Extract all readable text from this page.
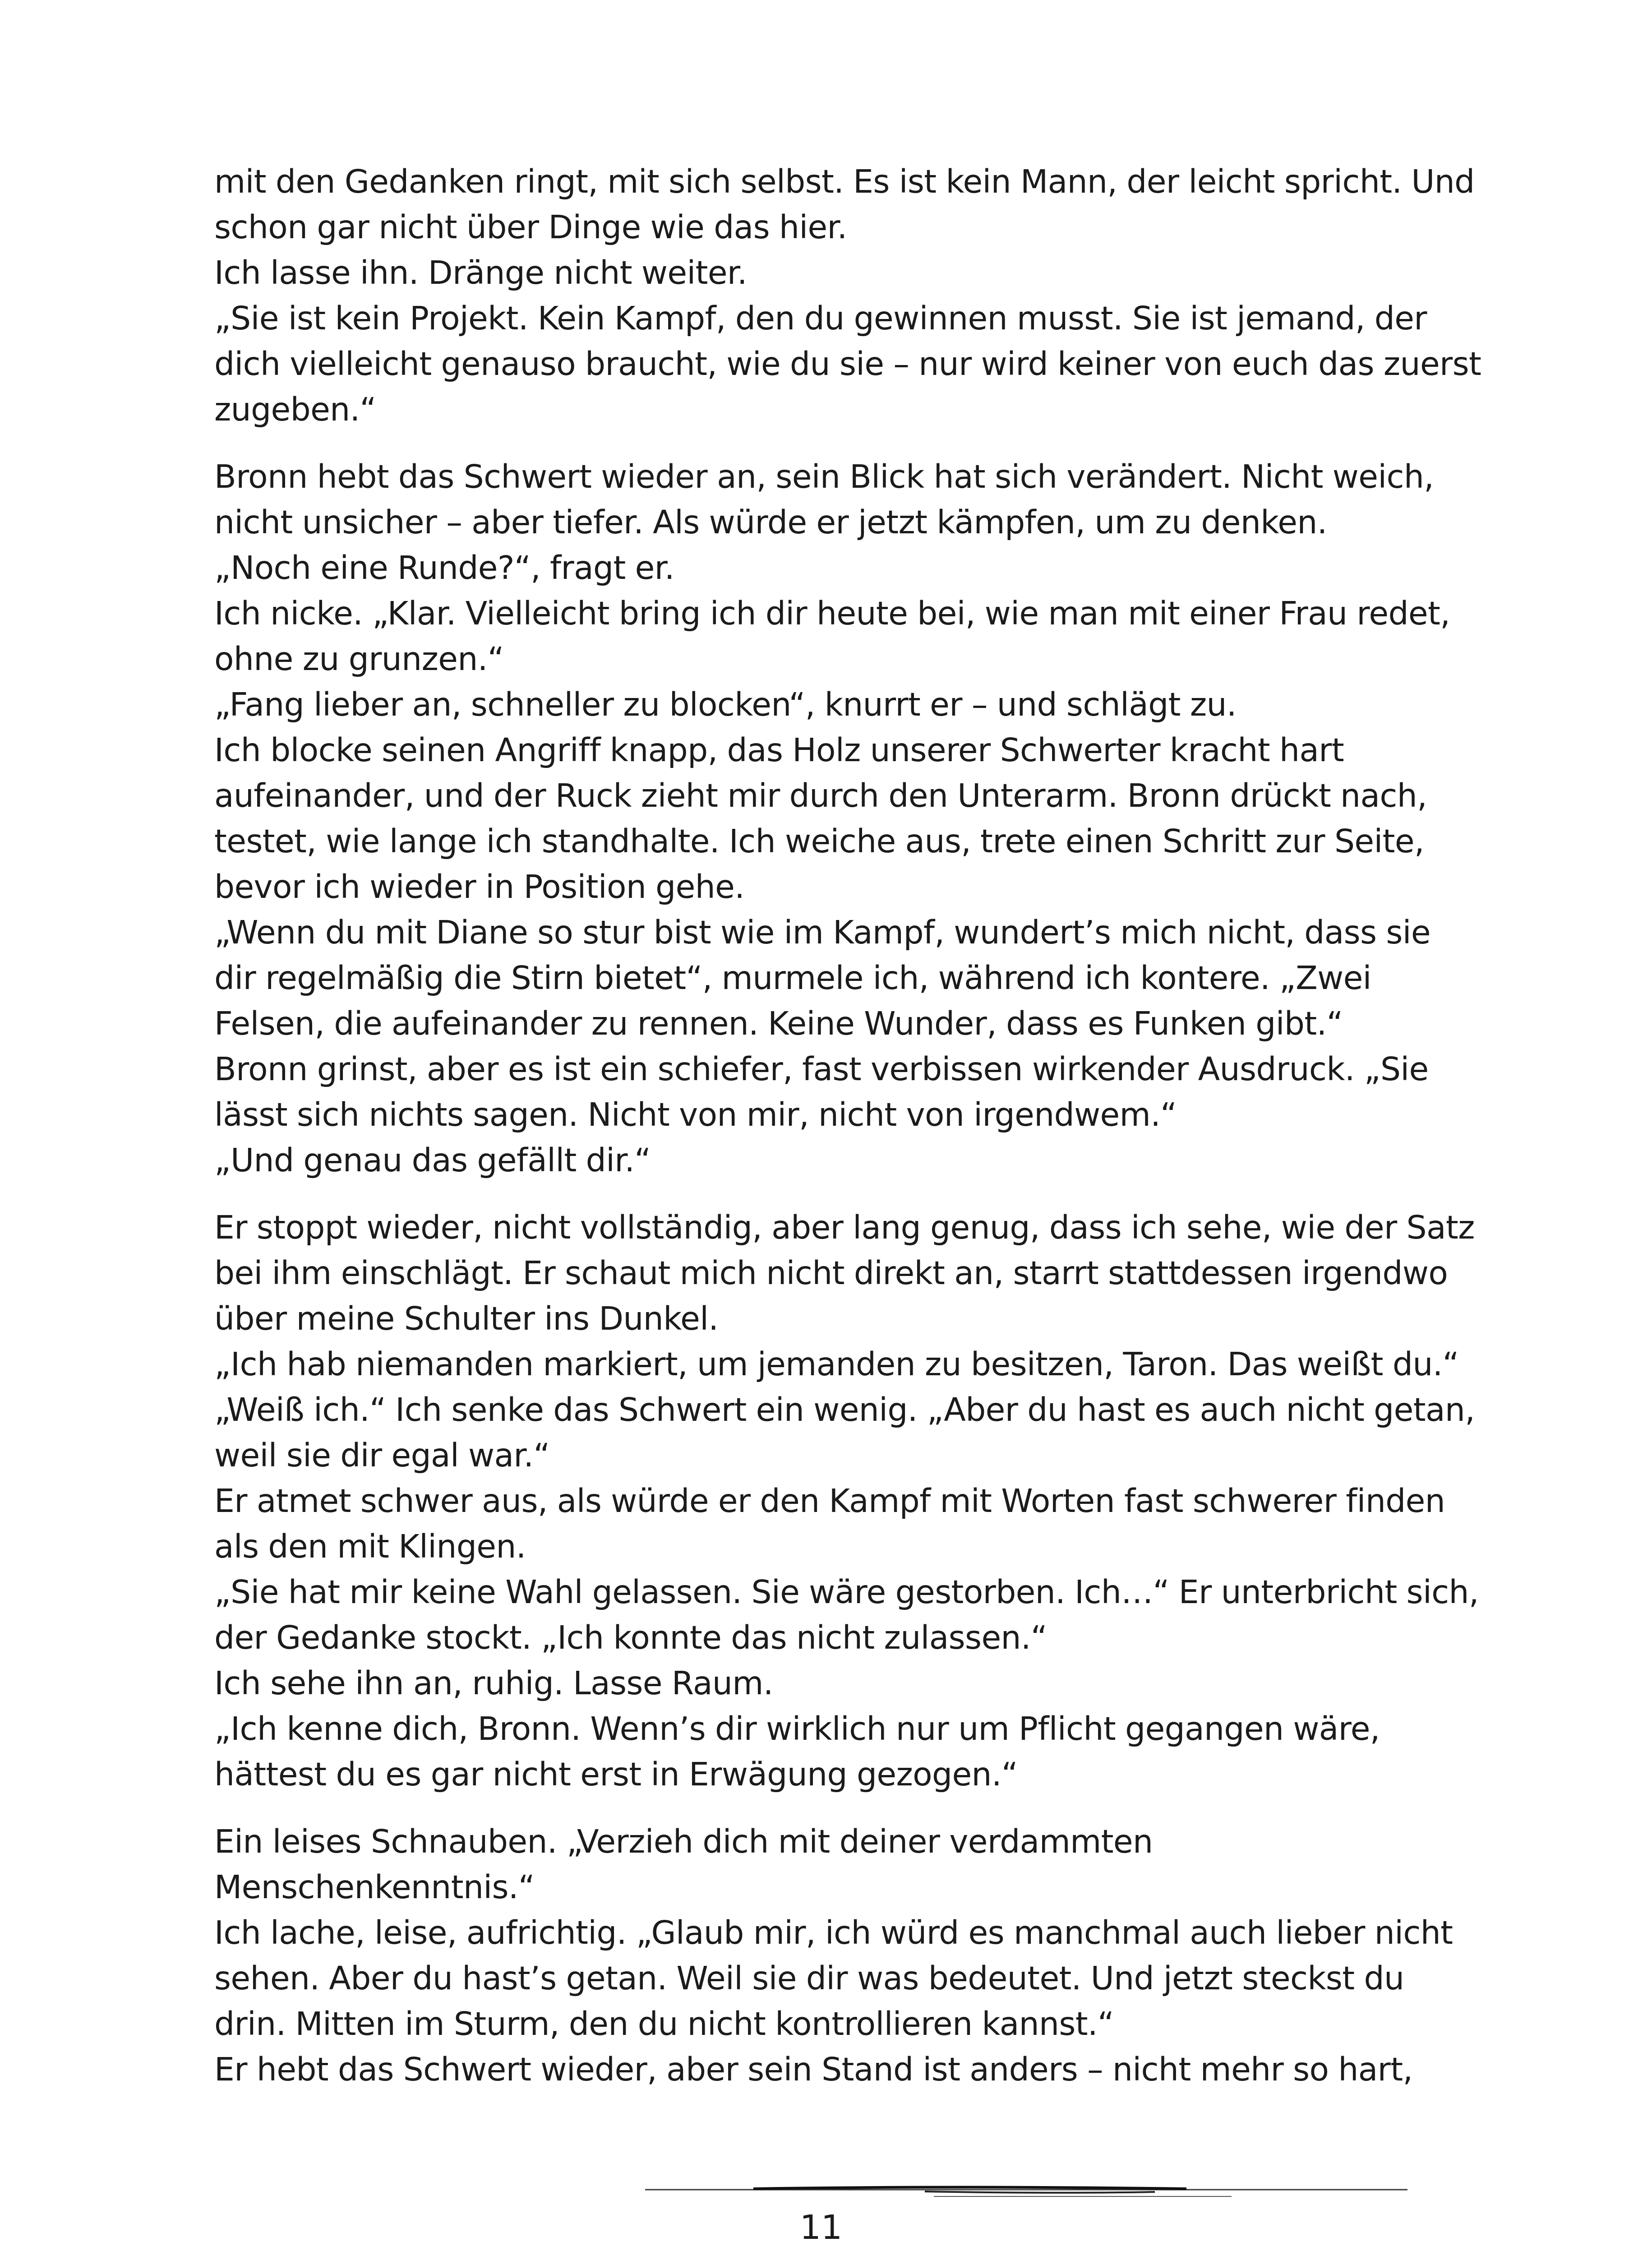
mit den Gedanken ringt, mit sich selbst. Es ist kein Mann, der leicht spricht. Und
schon gar nicht über Dinge wie das hier.
Ich lasse ihn. Dränge nicht weiter.
„Sie ist kein Projekt. Kein Kampf, den du gewinnen musst. Sie ist jemand, der
dich vielleicht genauso braucht, wie du sie – nur wird keiner von euch das zuerst
zugeben.“
Bronn hebt das Schwert wieder an, sein Blick hat sich verändert. Nicht weich,
nicht unsicher – aber tiefer. Als würde er jetzt kämpfen, um zu denken.
„Noch eine Runde?“, fragt er.
Ich nicke. „Klar. Vielleicht bring ich dir heute bei, wie man mit einer Frau redet,
ohne zu grunzen.“
„Fang lieber an, schneller zu blocken“, knurrt er – und schlägt zu.
Ich blocke seinen Angriff knapp, das Holz unserer Schwerter kracht hart
aufeinander, und der Ruck zieht mir durch den Unterarm. Bronn drückt nach,
testet, wie lange ich standhalte. Ich weiche aus, trete einen Schritt zur Seite,
bevor ich wieder in Position gehe.
„Wenn du mit Diane so stur bist wie im Kampf, wundert’s mich nicht, dass sie
dir regelmäßig die Stirn bietet“, murmele ich, während ich kontere. „Zwei
Felsen, die aufeinander zu rennen. Keine Wunder, dass es Funken gibt.“
Bronn grinst, aber es ist ein schiefer, fast verbissen wirkender Ausdruck. „Sie
lässt sich nichts sagen. Nicht von mir, nicht von irgendwem.“
„Und genau das gefällt dir.“
Er stoppt wieder, nicht vollständig, aber lang genug, dass ich sehe, wie der Satz
bei ihm einschlägt. Er schaut mich nicht direkt an, starrt stattdessen irgendwo
über meine Schulter ins Dunkel.
„Ich hab niemanden markiert, um jemanden zu besitzen, Taron. Das weißt du.“
„Weiß ich.“ Ich senke das Schwert ein wenig. „Aber du hast es auch nicht getan,
weil sie dir egal war.“
Er atmet schwer aus, als würde er den Kampf mit Worten fast schwerer finden
als den mit Klingen.
„Sie hat mir keine Wahl gelassen. Sie wäre gestorben. Ich…“ Er unterbricht sich,
der Gedanke stockt. „Ich konnte das nicht zulassen.“
Ich sehe ihn an, ruhig. Lasse Raum.
„Ich kenne dich, Bronn. Wenn’s dir wirklich nur um Pflicht gegangen wäre,
hättest du es gar nicht erst in Erwägung gezogen.“
Ein leises Schnauben. „Verzieh dich mit deiner verdammten
Menschenkenntnis.“
Ich lache, leise, aufrichtig. „Glaub mir, ich würd es manchmal auch lieber nicht
sehen. Aber du hast’s getan. Weil sie dir was bedeutet. Und jetzt steckst du
drin. Mitten im Sturm, den du nicht kontrollieren kannst.“
Er hebt das Schwert wieder, aber sein Stand ist anders – nicht mehr so hart,
11
